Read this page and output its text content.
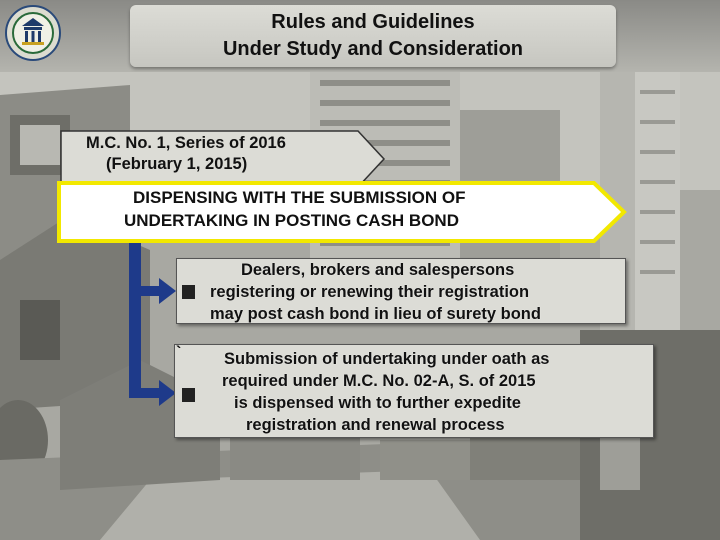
Rules and Guidelines
Under Study and Consideration
M.C. No. 1, Series of 2016
(February 1, 2015)
DISPENSING WITH THE SUBMISSION OF
UNDERTAKING IN POSTING CASH BOND
Dealers, brokers and salespersons
registering or renewing their registration
may post cash bond in lieu of surety bond
`	Submission of undertaking under oath as
required under M.C. No. 02-A, S. of 2015
is dispensed with to further expedite
registration and renewal process
